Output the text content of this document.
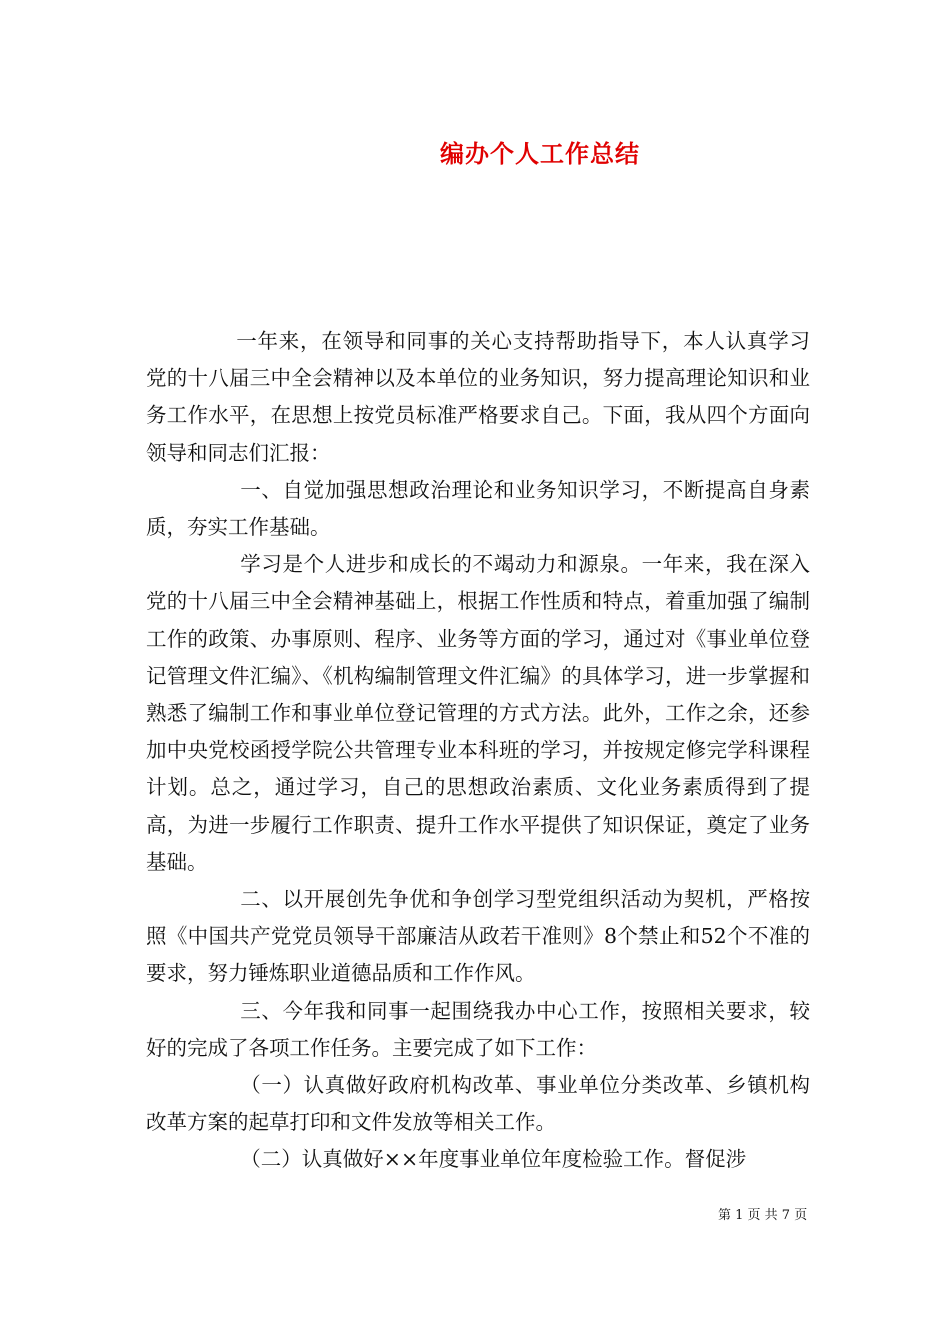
编办个人工作总结

一年来，在领导和同事的关心支持帮助指导下，本人认真学习党的十八届三中全会精神以及本单位的业务知识，努力提高理论知识和业务工作水平，在思想上按党员标准严格要求自己。下面，我从四个方面向领导和同志们汇报：

一、自觉加强思想政治理论和业务知识学习，不断提高自身素质，夯实工作基础。

学习是个人进步和成长的不竭动力和源泉。一年来，我在深入党的十八届三中全会精神基础上，根据工作性质和特点，着重加强了编制工作的政策、办事原则、程序、业务等方面的学习，通过对《事业单位登记管理文件汇编》、《机构编制管理文件汇编》的具体学习，进一步掌握和熟悉了编制工作和事业单位登记管理的方式方法。此外，工作之余，还参加中央党校函授学院公共管理专业本科班的学习，并按规定修完学科课程计划。总之，通过学习，自己的思想政治素质、文化业务素质得到了提高，为进一步履行工作职责、提升工作水平提供了知识保证，奠定了业务基础。

二、以开展创先争优和争创学习型党组织活动为契机，严格按照《中国共产党党员领导干部廉洁从政若干准则》8个禁止和52个不准的要求，努力锤炼职业道德品质和工作作风。

三、今年我和同事一起围绕我办中心工作，按照相关要求，较好的完成了各项工作任务。主要完成了如下工作：

（一）认真做好政府机构改革、事业单位分类改革、乡镇机构改革方案的起草打印和文件发放等相关工作。

（二）认真做好××年度事业单位年度检验工作。督促涉

第 1 页 共 7 页
